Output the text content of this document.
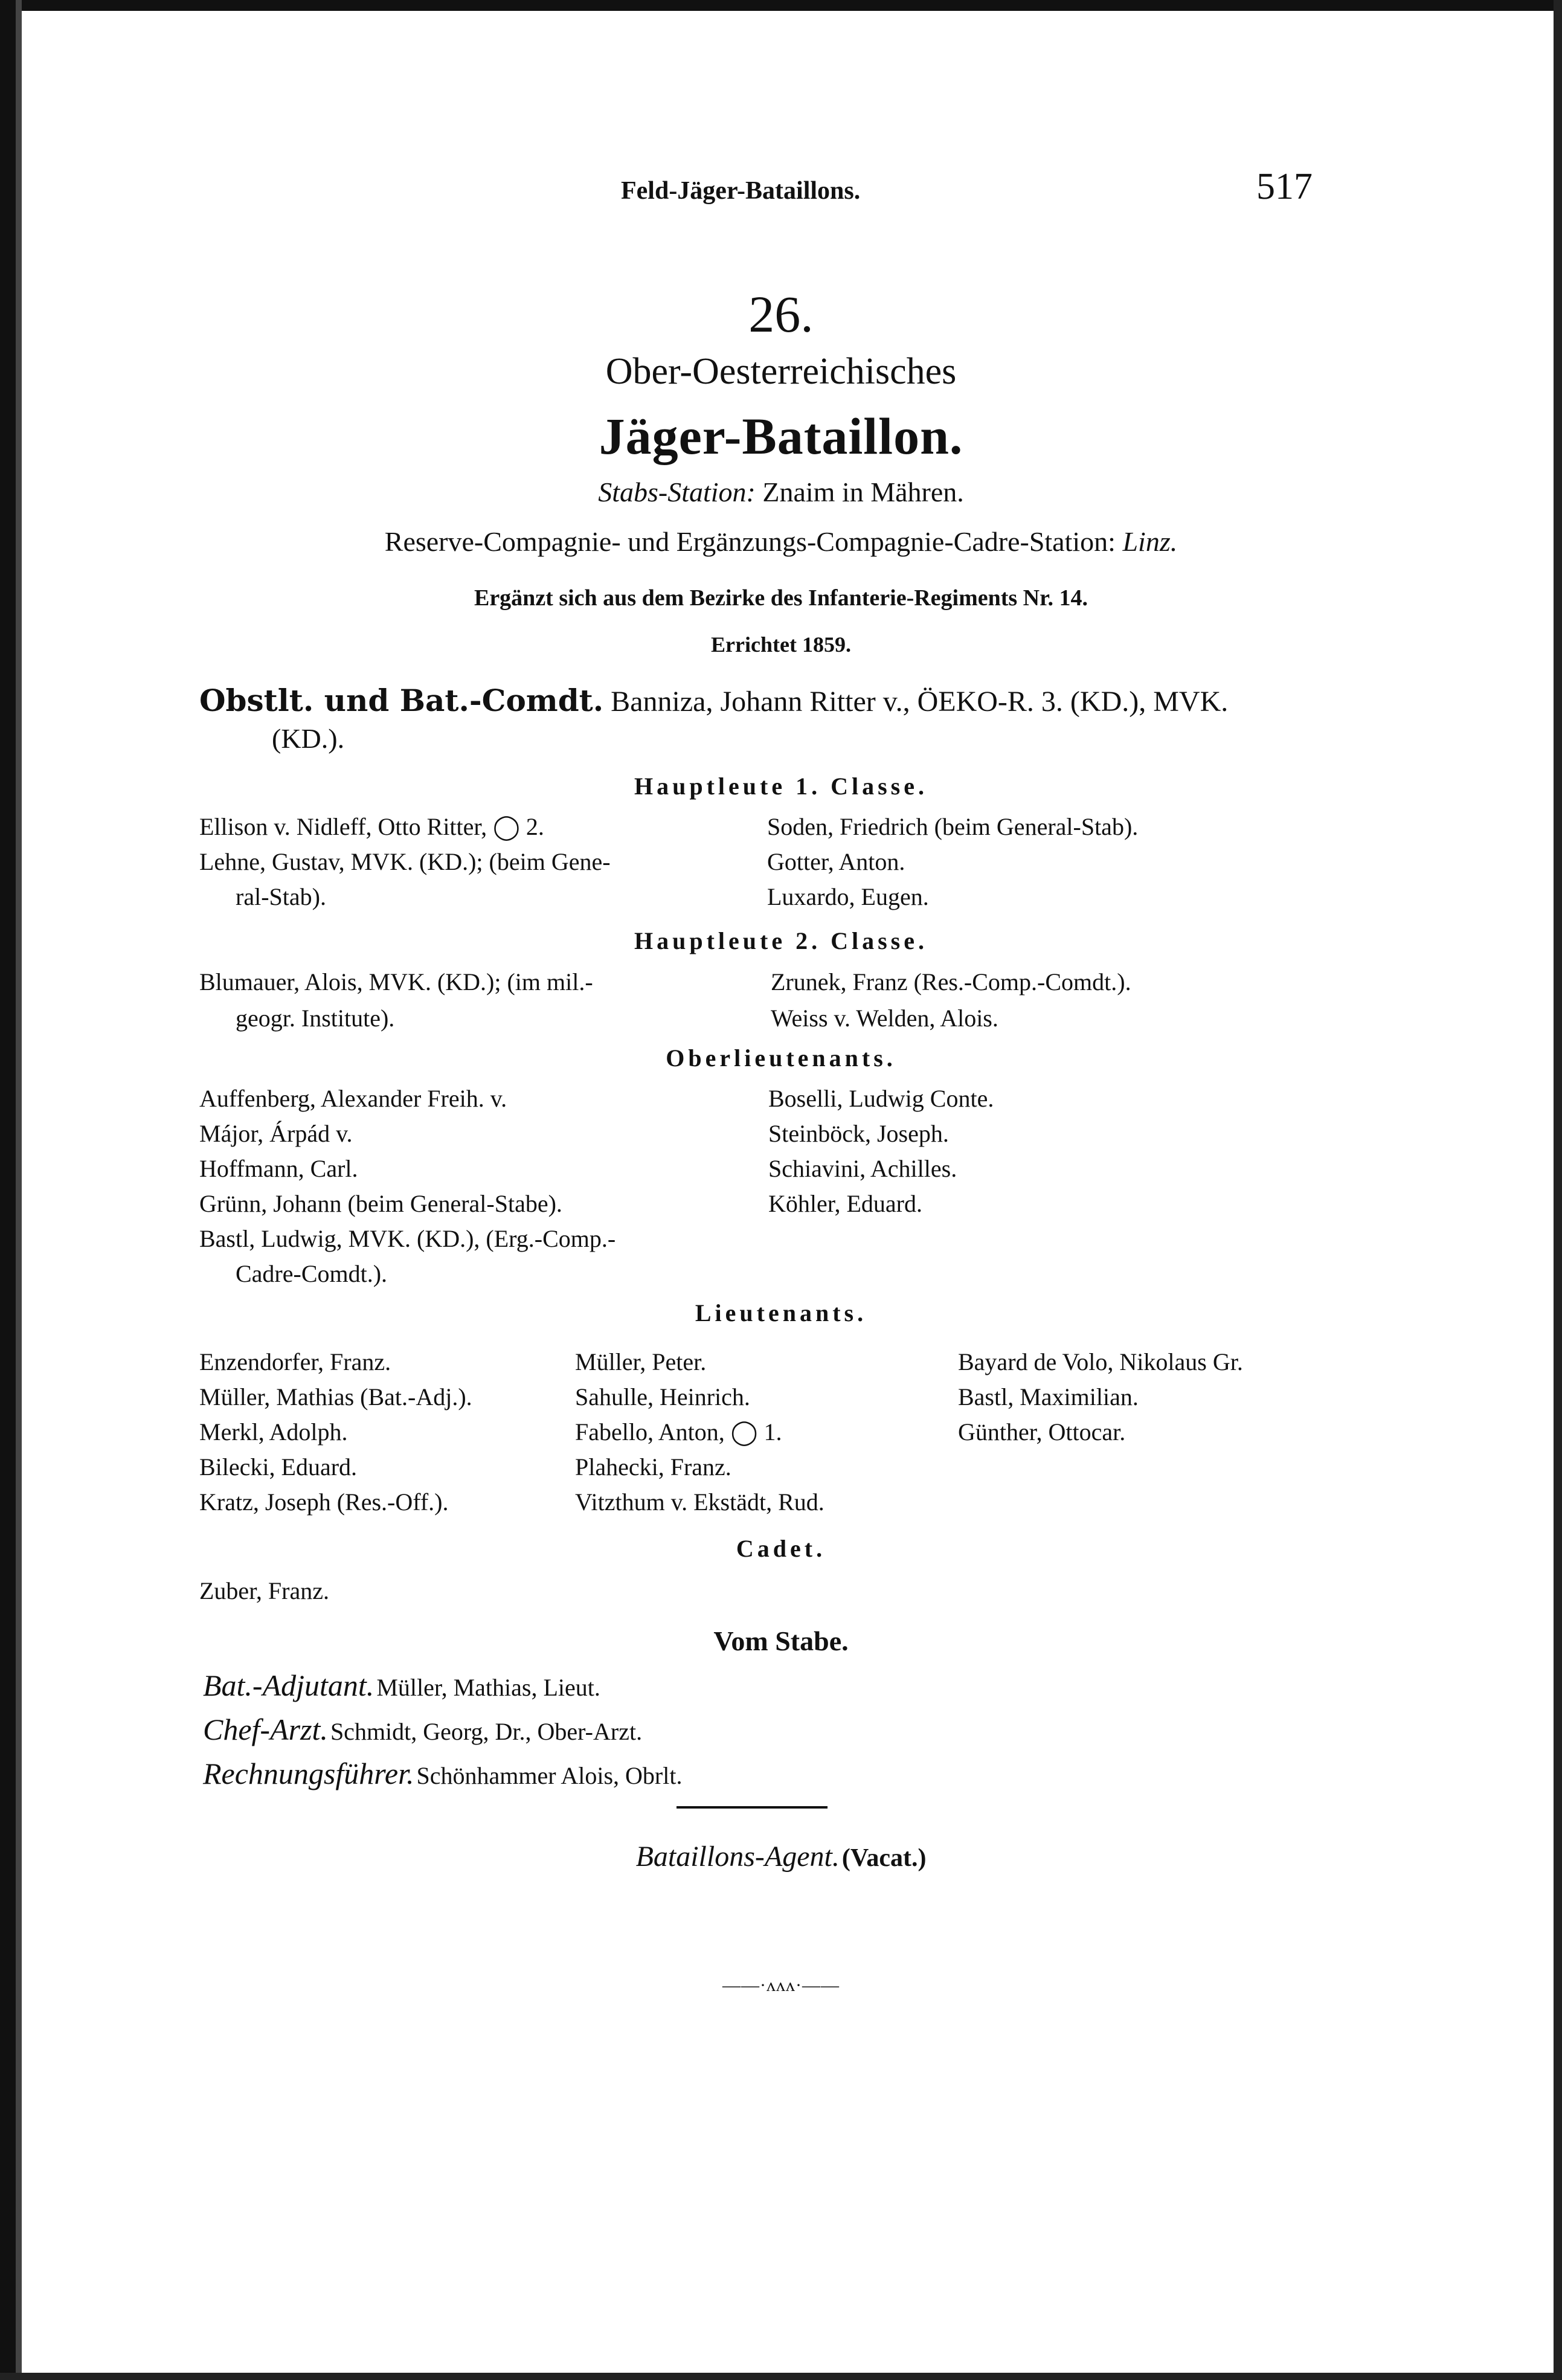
Feld-Jäger-Bataillons.	517
26.
Ober-Oesterreichisches
Jäger-Bataillon.
Stabs-Station: Znaim in Mähren.
Reserve-Compagnie- und Ergänzungs-Compagnie-Cadre-Station: Linz.
Ergänzt sich aus dem Bezirke des Infanterie-Regiments Nr. 14.
Errichtet 1859.
Obstlt. und Bat.-Comdt. Banniza, Johann Ritter v., ÖEKO-R. 3. (KD.), MVK.
(KD.).
Hauptleute 1. Classe.
Ellison v. Nidleff, Otto Ritter, ◯ 2.
Lehne, Gustav, MVK. (KD.); (beim Gene-
ral-Stab).
Soden, Friedrich (beim General-Stab).
Gotter, Anton.
Luxardo, Eugen.
Hauptleute 2. Classe.
Blumauer, Alois, MVK. (KD.); (im mil.-
geogr. Institute).
Zrunek, Franz (Res.-Comp.-Comdt.).
Weiss v. Welden, Alois.
Oberlieutenants.
Auffenberg, Alexander Freih. v.
Májor, Árpád v.
Hoffmann, Carl.
Grünn, Johann (beim General-Stabe).
Bastl, Ludwig, MVK. (KD.), (Erg.-Comp.-
Cadre-Comdt.).
Boselli, Ludwig Conte.
Steinböck, Joseph.
Schiavini, Achilles.
Köhler, Eduard.
Lieutenants.
Enzendorfer, Franz.
Müller, Mathias (Bat.-Adj.).
Merkl, Adolph.
Bilecki, Eduard.
Kratz, Joseph (Res.-Off.).
Müller, Peter.
Sahulle, Heinrich.
Fabello, Anton, ◯ 1.
Plahecki, Franz.
Vitzthum v. Ekstädt, Rud.
Bayard de Volo, Nikolaus Gr.
Bastl, Maximilian.
Günther, Ottocar.
Cadet.
Zuber, Franz.
Vom Stabe.
Bat.-Adjutant. Müller, Mathias, Lieut.
Chef-Arzt. Schmidt, Georg, Dr., Ober-Arzt.
Rechnungsführer. Schönhammer Alois, Obrlt.
Bataillons-Agent. (Vacat.)
——·ʌʌʌ·——
